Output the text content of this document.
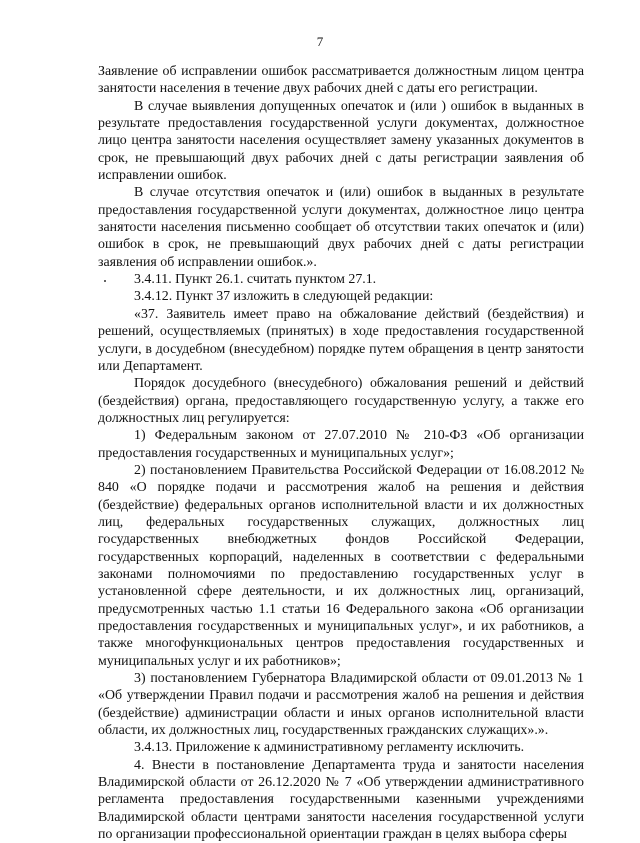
7

Заявление об исправлении ошибок рассматривается должностным лицом центра занятости населения в течение двух рабочих дней с даты его регистрации.

В случае выявления допущенных опечаток и (или ) ошибок в выданных в результате предоставления государственной услуги документах, должностное лицо центра занятости населения осуществляет замену указанных документов в срок, не превышающий двух рабочих дней с даты регистрации заявления об исправлении ошибок.

В случае отсутствия опечаток и (или) ошибок в выданных в результате предоставления государственной услуги документах, должностное лицо центра занятости населения письменно сообщает об отсутствии таких опечаток и (или) ошибок в срок, не превышающий двух рабочих дней с даты регистрации заявления об исправлении ошибок.».

3.4.11. Пункт 26.1. считать пунктом 27.1.

3.4.12. Пункт 37 изложить в следующей редакции:

«37. Заявитель имеет право на обжалование действий (бездействия) и решений, осуществляемых (принятых) в ходе предоставления государственной услуги, в досудебном (внесудебном) порядке путем обращения в центр занятости или Департамент.

Порядок досудебного (внесудебного) обжалования решений и действий (бездействия) органа, предоставляющего государственную услугу, а также его должностных лиц регулируется:

1) Федеральным законом от 27.07.2010 № 210-ФЗ «Об организации предоставления государственных и муниципальных услуг»;

2) постановлением Правительства Российской Федерации от 16.08.2012 № 840 «О порядке подачи и рассмотрения жалоб на решения и действия (бездействие) федеральных органов исполнительной власти и их должностных лиц, федеральных государственных служащих, должностных лиц государственных внебюджетных фондов Российской Федерации, государственных корпораций, наделенных в соответствии с федеральными законами полномочиями по предоставлению государственных услуг в установленной сфере деятельности, и их должностных лиц, организаций, предусмотренных частью 1.1 статьи 16 Федерального закона «Об организации предоставления государственных и муниципальных услуг», и их работников, а также многофункциональных центров предоставления государственных и муниципальных услуг и их работников»;

3) постановлением Губернатора Владимирской области от 09.01.2013 № 1 «Об утверждении Правил подачи и рассмотрения жалоб на решения и действия (бездействие) администрации области и иных органов исполнительной власти области, их должностных лиц, государственных гражданских служащих».».

3.4.13. Приложение к административному регламенту исключить.

4. Внести в постановление Департамента труда и занятости населения Владимирской области от 26.12.2020 № 7 «Об утверждении административного регламента предоставления государственными казенными учреждениями Владимирской области центрами занятости населения государственной услуги по организации профессиональной ориентации граждан в целях выбора сферы
